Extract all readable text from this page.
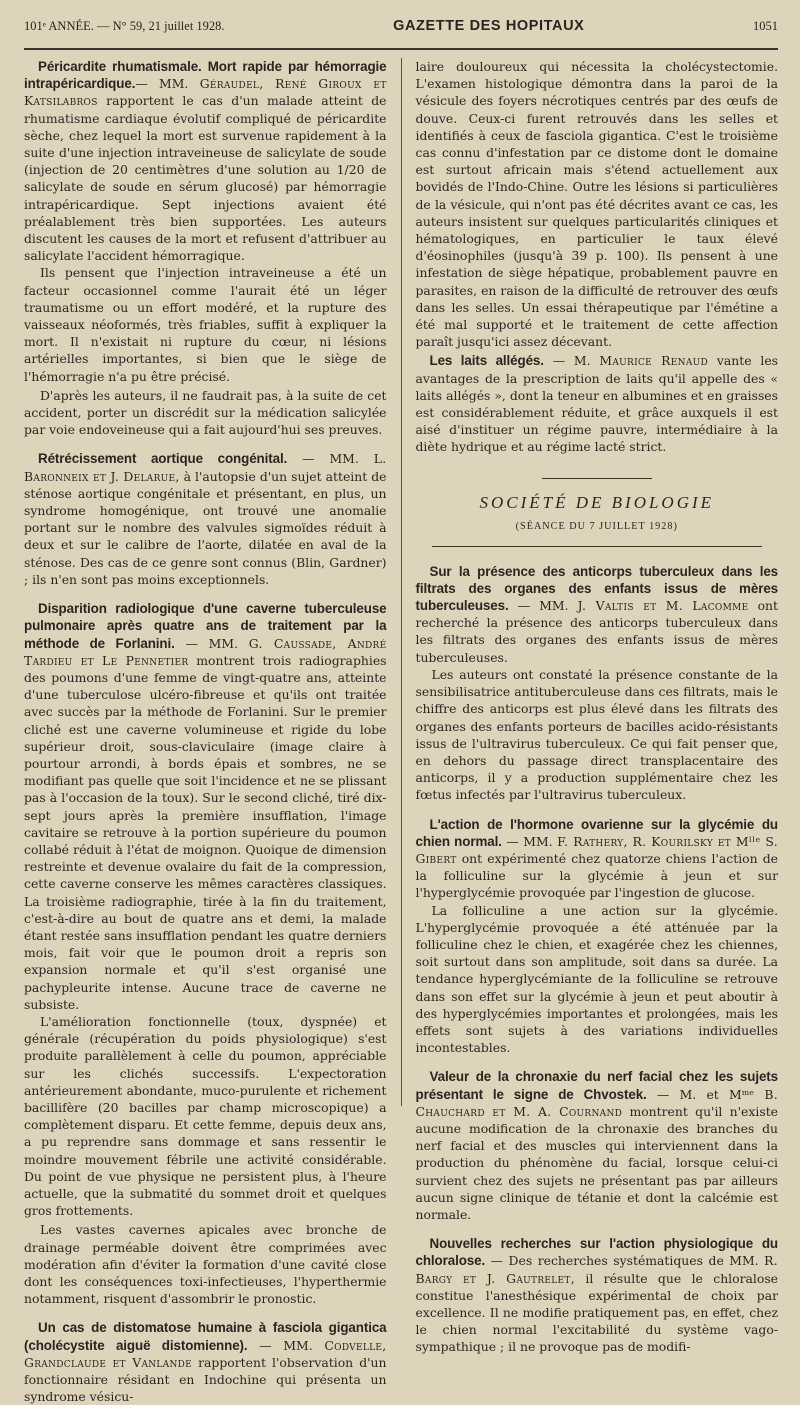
101ᵉ ANNÉE. — N° 59, 21 juillet 1928.	GAZETTE DES HOPITAUX	1051

Péricardite rhumatismale. Mort rapide par hémorragie intrapéricardique.— MM. Géraudel, René Giroux et Katsilabros rapportent le cas d'un malade atteint de rhumatisme cardiaque évolutif compliqué de péricardite sèche, chez lequel la mort est survenue rapidement à la suite d'une injection intraveineuse de salicylate de soude (injection de 20 centimètres d'une solution au 1/20 de salicylate de soude en sérum glucosé) par hémorragie intrapéricardique. Sept injections avaient été préalablement très bien supportées. Les auteurs discutent les causes de la mort et refusent d'attribuer au salicylate l'accident hémorragique.

Ils pensent que l'injection intraveineuse a été un facteur occasionnel comme l'aurait été un léger traumatisme ou un effort modéré, et la rupture des vaisseaux néoformés, très friables, suffit à expliquer la mort. Il n'existait ni rupture du cœur, ni lésions artérielles importantes, si bien que le siège de l'hémorragie n'a pu être précisé.

D'après les auteurs, il ne faudrait pas, à la suite de cet accident, porter un discrédit sur la médication salicylée par voie endoveineuse qui a fait aujourd'hui ses preuves.

Rétrécissement aortique congénital. — MM. L. Baronneix et J. Delarue, à l'autopsie d'un sujet atteint de sténose aortique congénitale et présentant, en plus, un syndrome homogénique, ont trouvé une anomalie portant sur le nombre des valvules sigmoïdes réduit à deux et sur le calibre de l'aorte, dilatée en aval de la sténose. Des cas de ce genre sont connus (Blin, Gardner) ; ils n'en sont pas moins exceptionnels.

Disparition radiologique d'une caverne tuberculeuse pulmonaire après quatre ans de traitement par la méthode de Forlanini. — MM. G. Caussade, André Tardieu et Le Pennetier montrent trois radiographies des poumons d'une femme de vingt-quatre ans, atteinte d'une tuberculose ulcéro-fibreuse et qu'ils ont traitée avec succès par la méthode de Forlanini. Sur le premier cliché est une caverne volumineuse et rigide du lobe supérieur droit, sous-claviculaire (image claire à pourtour arrondi, à bords épais et sombres, ne se modifiant pas quelle que soit l'incidence et ne se plissant pas à l'occasion de la toux). Sur le second cliché, tiré dix-sept jours après la première insufflation, l'image cavitaire se retrouve à la portion supérieure du poumon collabé réduit à l'état de moignon. Quoique de dimension restreinte et devenue ovalaire du fait de la compression, cette caverne conserve les mêmes caractères classiques. La troisième radiographie, tirée à la fin du traitement, c'est-à-dire au bout de quatre ans et demi, la malade étant restée sans insufflation pendant les quatre derniers mois, fait voir que le poumon droit a repris son expansion normale et qu'il s'est organisé une pachypleurite intense. Aucune trace de caverne ne subsiste.

L'amélioration fonctionnelle (toux, dyspnée) et générale (récupération du poids physiologique) s'est produite parallèlement à celle du poumon, appréciable sur les clichés successifs. L'expectoration antérieurement abondante, muco-purulente et richement bacillifère (20 bacilles par champ microscopique) a complètement disparu. Et cette femme, depuis deux ans, a pu reprendre sans dommage et sans ressentir le moindre mouvement fébrile une activité considérable. Du point de vue physique ne persistent plus, à l'heure actuelle, que la submatité du sommet droit et quelques gros frottements.

Les vastes cavernes apicales avec bronche de drainage perméable doivent être comprimées avec modération afin d'éviter la formation d'une cavité close dont les conséquences toxi-infectieuses, l'hyperthermie notamment, risquent d'assombrir le pronostic.

Un cas de distomatose humaine à fasciola gigantica (cholécystite aiguë distomienne). — MM. Codvelle, Grandclaude et Vanlande rapportent l'observation d'un fonctionnaire résidant en Indochine qui présenta un syndrome vésicu-

laire douloureux qui nécessita la cholécystectomie. L'examen histologique démontra dans la paroi de la vésicule des foyers nécrotiques centrés par des œufs de douve. Ceux-ci furent retrouvés dans les selles et identifiés à ceux de fasciola gigantica. C'est le troisième cas connu d'infestation par ce distome dont le domaine est surtout africain mais s'étend actuellement aux bovidés de l'Indo-Chine. Outre les lésions si particulières de la vésicule, qui n'ont pas été décrites avant ce cas, les auteurs insistent sur quelques particularités cliniques et hématologiques, en particulier le taux élevé d'éosinophiles (jusqu'à 39 p. 100). Ils pensent à une infestation de siège hépatique, probablement pauvre en parasites, en raison de la difficulté de retrouver des œufs dans les selles. Un essai thérapeutique par l'émétine a été mal supporté et le traitement de cette affection paraît jusqu'ici assez décevant.

Les laits allégés. — M. Maurice Renaud vante les avantages de la prescription de laits qu'il appelle des « laits allégés », dont la teneur en albumines et en graisses est considérablement réduite, et grâce auxquels il est aisé d'instituer un régime pauvre, intermédiaire à la diète hydrique et au régime lacté strict.

SOCIÉTÉ DE BIOLOGIE
(SÉANCE DU 7 JUILLET 1928)

Sur la présence des anticorps tuberculeux dans les filtrats des organes des enfants issus de mères tuberculeuses. — MM. J. Valtis et M. Lacomme ont recherché la présence des anticorps tuberculeux dans les filtrats des organes des enfants issus de mères tuberculeuses.

Les auteurs ont constaté la présence constante de la sensibilisatrice antituberculeuse dans ces filtrats, mais le chiffre des anticorps est plus élevé dans les filtrats des organes des enfants porteurs de bacilles acido-résistants issus de l'ultravirus tuberculeux. Ce qui fait penser que, en dehors du passage direct transplacentaire des anticorps, il y a production supplémentaire chez les fœtus infectés par l'ultravirus tuberculeux.

L'action de l'hormone ovarienne sur la glycémie du chien normal. — MM. F. Rathery, R. Kourilsky et Mˡˡᵉ S. Gibert ont expérimenté chez quatorze chiens l'action de la folliculine sur la glycémie à jeun et sur l'hyperglycémie provoquée par l'ingestion de glucose.

La folliculine a une action sur la glycémie. L'hyperglycémie provoquée a été atténuée par la folliculine chez le chien, et exagérée chez les chiennes, soit surtout dans son amplitude, soit dans sa durée. La tendance hyperglycémiante de la folliculine se retrouve dans son effet sur la glycémie à jeun et peut aboutir à des hyperglycémies importantes et prolongées, mais les effets sont sujets à des variations individuelles incontestables.

Valeur de la chronaxie du nerf facial chez les sujets présentant le signe de Chvostek. — M. et Mᵐᵉ B. Chauchard et M. A. Cournand montrent qu'il n'existe aucune modification de la chronaxie des branches du nerf facial et des muscles qui interviennent dans la production du phénomène du facial, lorsque celui-ci survient chez des sujets ne présentant pas par ailleurs aucun signe clinique de tétanie et dont la calcémie est normale.

Nouvelles recherches sur l'action physiologique du chloralose. — Des recherches systématiques de MM. R. Bargy et J. Gautrelet, il résulte que le chloralose constitue l'anesthésique expérimental de choix par excellence. Il ne modifie pratiquement pas, en effet, chez le chien normal l'excitabilité du système vago-sympathique ; il ne provoque pas de modifi-
